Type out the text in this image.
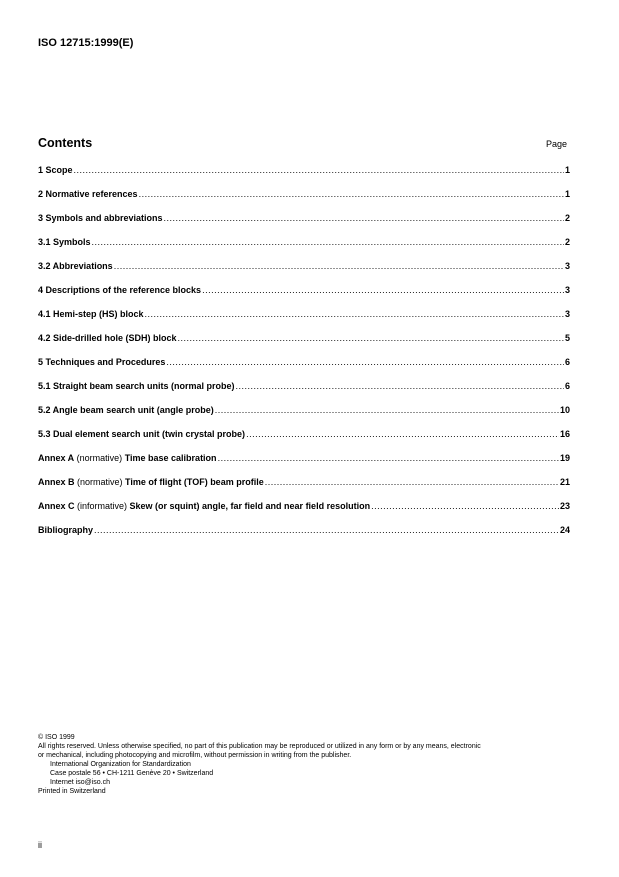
ISO 12715:1999(E)
Contents	Page
1 Scope .....	1
2 Normative references .....	1
3 Symbols and abbreviations .....	2
3.1 Symbols .....	2
3.2 Abbreviations .....	3
4 Descriptions of the reference blocks .....	3
4.1 Hemi-step (HS) block .....	3
4.2 Side-drilled hole (SDH) block .....	5
5 Techniques and Procedures .....	6
5.1 Straight beam search units (normal probe) .....	6
5.2 Angle beam search unit (angle probe) .....	10
5.3 Dual element search unit (twin crystal probe) .....	16
Annex A (normative) Time base calibration .....	19
Annex B (normative) Time of flight (TOF) beam profile .....	21
Annex C (informative) Skew (or squint) angle, far field and near field resolution .....	23
Bibliography .....	24
© ISO 1999
All rights reserved. Unless otherwise specified, no part of this publication may be reproduced or utilized in any form or by any means, electronic
or mechanical, including photocopying and microfilm, without permission in writing from the publisher.
International Organization for Standardization
Case postale 56 • CH-1211 Genève 20 • Switzerland
Internet iso@iso.ch
Printed in Switzerland
ii
